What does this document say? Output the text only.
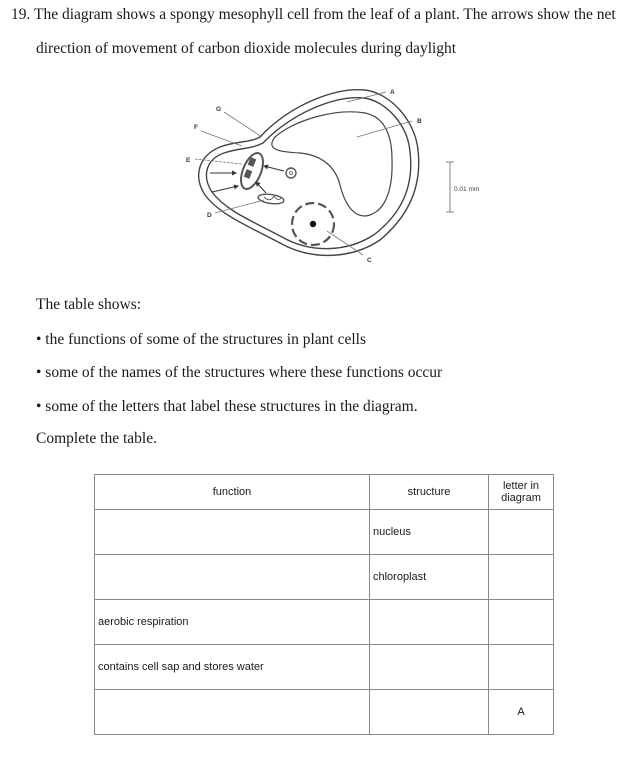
19. The diagram shows a spongy mesophyll cell from the leaf of a plant. The arrows show the net
direction of movement of carbon dioxide molecules during daylight
A
B
C
D
E
F
G
0.01 mm
The table shows:
• the functions of some of the structures in plant cells
• some of the names of the structures where these functions occur
• some of the letters that label these structures in the diagram.
Complete the table.
function	structure	letter in diagram
	nucleus	
	chloroplast	
aerobic respiration		
contains cell sap and stores water		
		A
